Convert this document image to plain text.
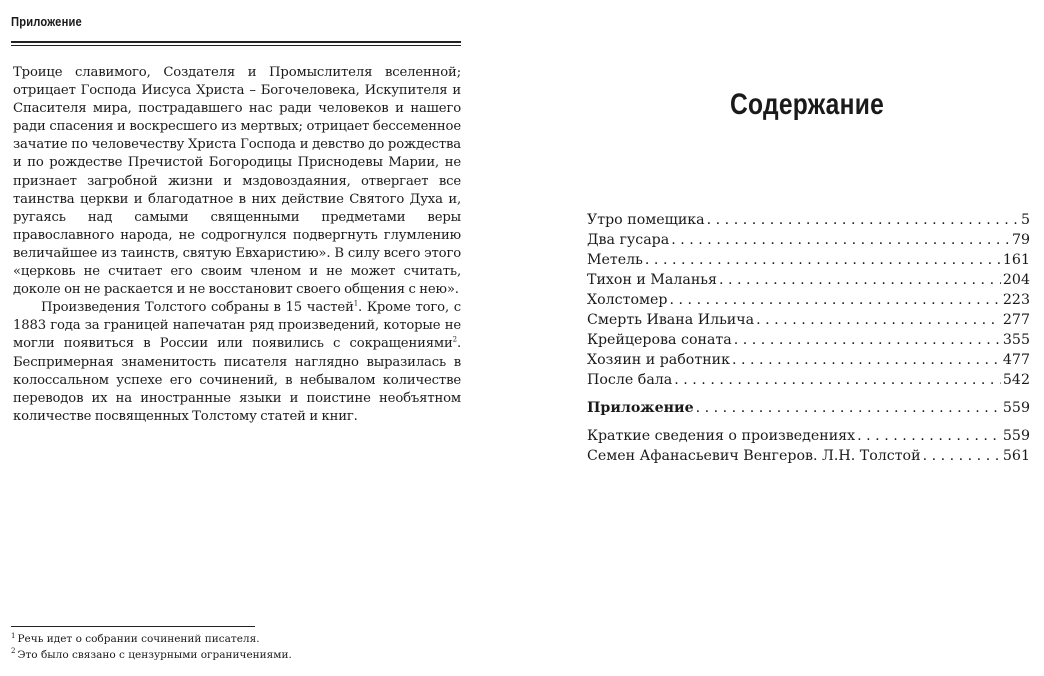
Приложение

Троице славимого, Создателя и Промыслителя вселенной; отрицает Господа Иисуса Христа – Богочеловека, Искупителя и Спасителя мира, пострадавшего нас ради человеков и нашего ради спасения и воскресшего из мертвых; отрицает бессеменное зачатие по человечеству Христа Господа и девство до рождества и по рождестве Пречистой Богородицы Приснодевы Марии, не признает загробной жизни и мздовоздаяния, отвергает все таинства церкви и благодатное в них действие Святого Духа и, ругаясь над самыми священными предметами веры православного народа, не содрогнулся подвергнуть глумлению величайшее из таинств, святую Евхаристию». В силу всего этого «церковь не считает его своим членом и не может считать, доколе он не раскается и не восстановит своего общения с нею».

Произведения Толстого собраны в 15 частей$^1$. Кроме того, с 1883 года за границей напечатан ряд произведений, которые не могли появиться в России или появились с сокращениями$^2$. Беспримерная знаменитость писателя наглядно выразилась в колоссальном успехе его сочинений, в небывалом количестве переводов их на иностранные языки и поистине необъятном количестве посвященных Толстому статей и книг.

$^1$ Речь идет о собрании сочинений писателя.
$^2$ Это было связано с цензурными ограничениями.
Содержание
Утро помещика . . .	5
Два гусара . . .	79
Метель . . .	161
Тихон и Маланья . . .	204
Холстомер . . .	223
Смерть Ивана Ильича . . .	277
Крейцерова соната . . .	355
Хозяин и работник . . .	477
После бала . . .	542
Приложение . . .	559
Краткие сведения о произведениях . . .	559
Семен Афанасьевич Венгеров. Л.Н. Толстой . . .	561
